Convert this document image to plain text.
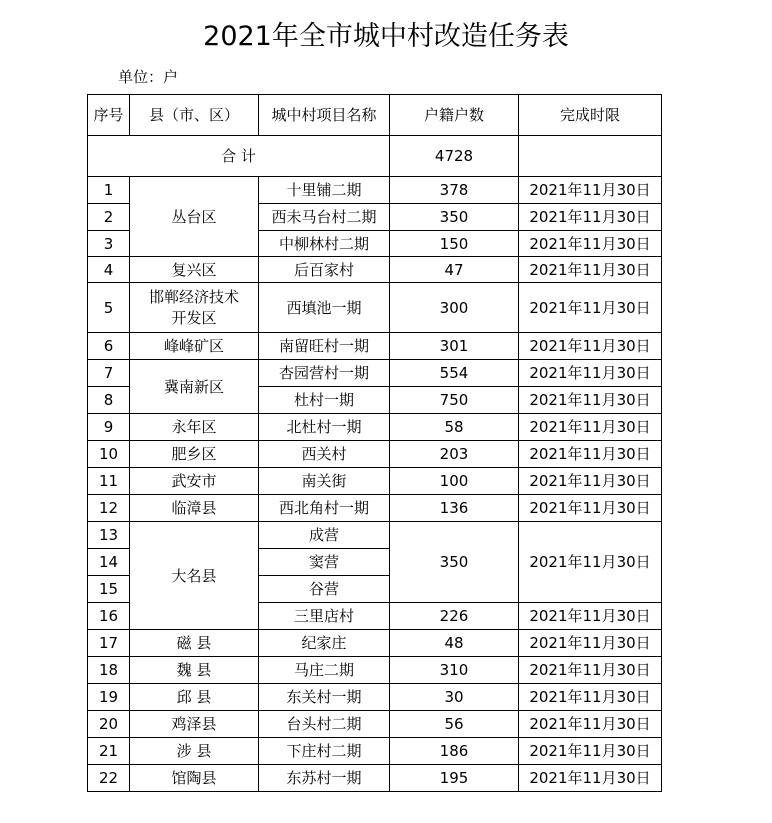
2021年全市城中村改造任务表
单位：户
序号	县（市、区）	城中村项目名称	户籍户数	完成时限
合 计			4728	
1	丛台区	十里铺二期	378	2021年11月30日
2		西未马台村二期	350	2021年11月30日
3		中柳林村二期	150	2021年11月30日
4	复兴区	后百家村	47	2021年11月30日
5	邯郸经济技术开发区	西填池一期	300	2021年11月30日
6	峰峰矿区	南留旺村一期	301	2021年11月30日
7	冀南新区	杏园营村一期	554	2021年11月30日
8		杜村一期	750	2021年11月30日
9	永年区	北杜村一期	58	2021年11月30日
10	肥乡区	西关村	203	2021年11月30日
11	武安市	南关街	100	2021年11月30日
12	临漳县	西北角村一期	136	2021年11月30日
13	大名县	成营	350	2021年11月30日
14		窦营		
15		谷营		
16		三里店村	226	2021年11月30日
17	磁 县	纪家庄	48	2021年11月30日
18	魏 县	马庄二期	310	2021年11月30日
19	邱 县	东关村一期	30	2021年11月30日
20	鸡泽县	台头村二期	56	2021年11月30日
21	涉 县	下庄村二期	186	2021年11月30日
22	馆陶县	东苏村一期	195	2021年11月30日
